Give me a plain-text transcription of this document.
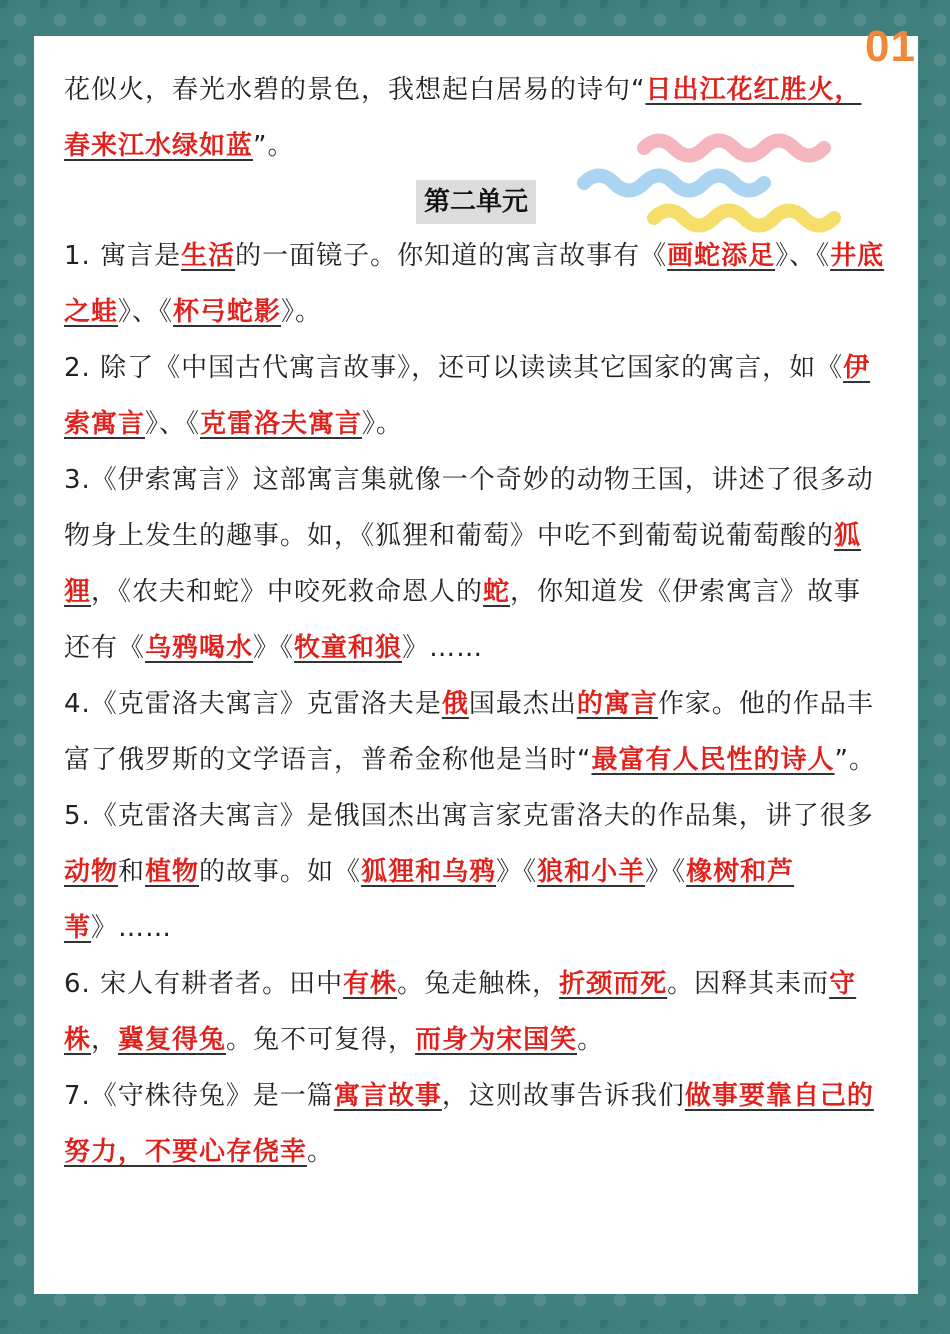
01

花似火，春光水碧的景色，我想起白居易的诗句“日出江花红胜火，春来江水绿如蓝”。

第二单元

1. 寓言是生活的一面镜子。你知道的寓言故事有《画蛇添足》、《井底之蛙》、《杯弓蛇影》。

2. 除了《中国古代寓言故事》，还可以读读其它国家的寓言，如《伊索寓言》、《克雷洛夫寓言》。

3.《伊索寓言》这部寓言集就像一个奇妙的动物王国，讲述了很多动物身上发生的趣事。如，《狐狸和葡萄》中吃不到葡萄说葡萄酸的狐狸，《农夫和蛇》中咬死救命恩人的蛇，你知道发《伊索寓言》故事还有《乌鸦喝水》《牧童和狼》……

4.《克雷洛夫寓言》克雷洛夫是俄国最杰出的寓言作家。他的作品丰富了俄罗斯的文学语言，普希金称他是当时“最富有人民性的诗人”。

5.《克雷洛夫寓言》是俄国杰出寓言家克雷洛夫的作品集，讲了很多动物和植物的故事。如《狐狸和乌鸦》《狼和小羊》《橡树和芦苇》……

6. 宋人有耕者者。田中有株。兔走触株，折颈而死。因释其耒而守株，冀复得兔。兔不可复得，而身为宋国笑。

7.《守株待兔》是一篇寓言故事，这则故事告诉我们做事要靠自己的努力，不要心存侥幸。
